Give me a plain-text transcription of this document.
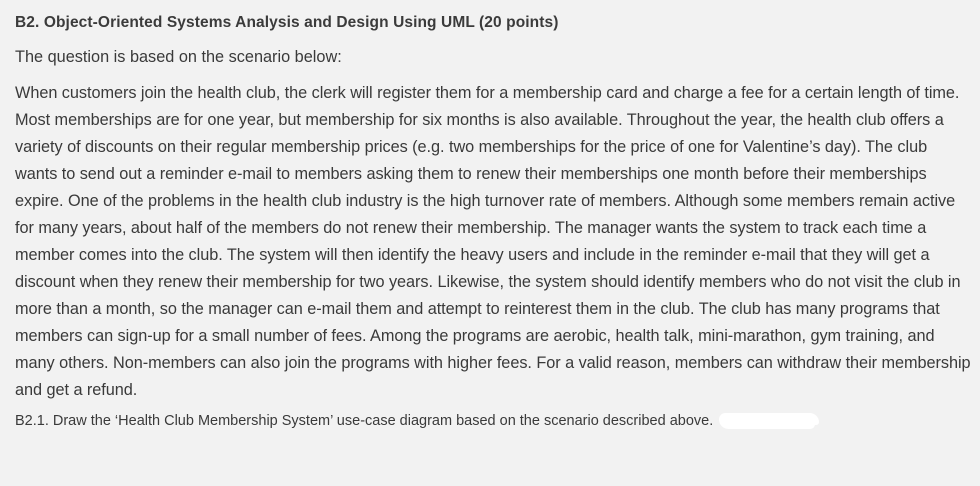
B2. Object-Oriented Systems Analysis and Design Using UML (20 points)
The question is based on the scenario below:
When customers join the health club, the clerk will register them for a membership card and charge a fee for a certain length of time. Most memberships are for one year, but membership for six months is also available. Throughout the year, the health club offers a variety of discounts on their regular membership prices (e.g. two memberships for the price of one for Valentine’s day). The club wants to send out a reminder e-mail to members asking them to renew their memberships one month before their memberships expire. One of the problems in the health club industry is the high turnover rate of members. Although some members remain active for many years, about half of the members do not renew their membership. The manager wants the system to track each time a member comes into the club. The system will then identify the heavy users and include in the reminder e-mail that they will get a discount when they renew their membership for two years. Likewise, the system should identify members who do not visit the club in more than a month, so the manager can e-mail them and attempt to reinterest them in the club. The club has many programs that members can sign-up for a small number of fees. Among the programs are aerobic, health talk, mini-marathon, gym training, and many others. Non-members can also join the programs with higher fees. For a valid reason, members can withdraw their membership and get a refund.
B2.1. Draw the ‘Health Club Membership System’ use-case diagram based on the scenario described above.
